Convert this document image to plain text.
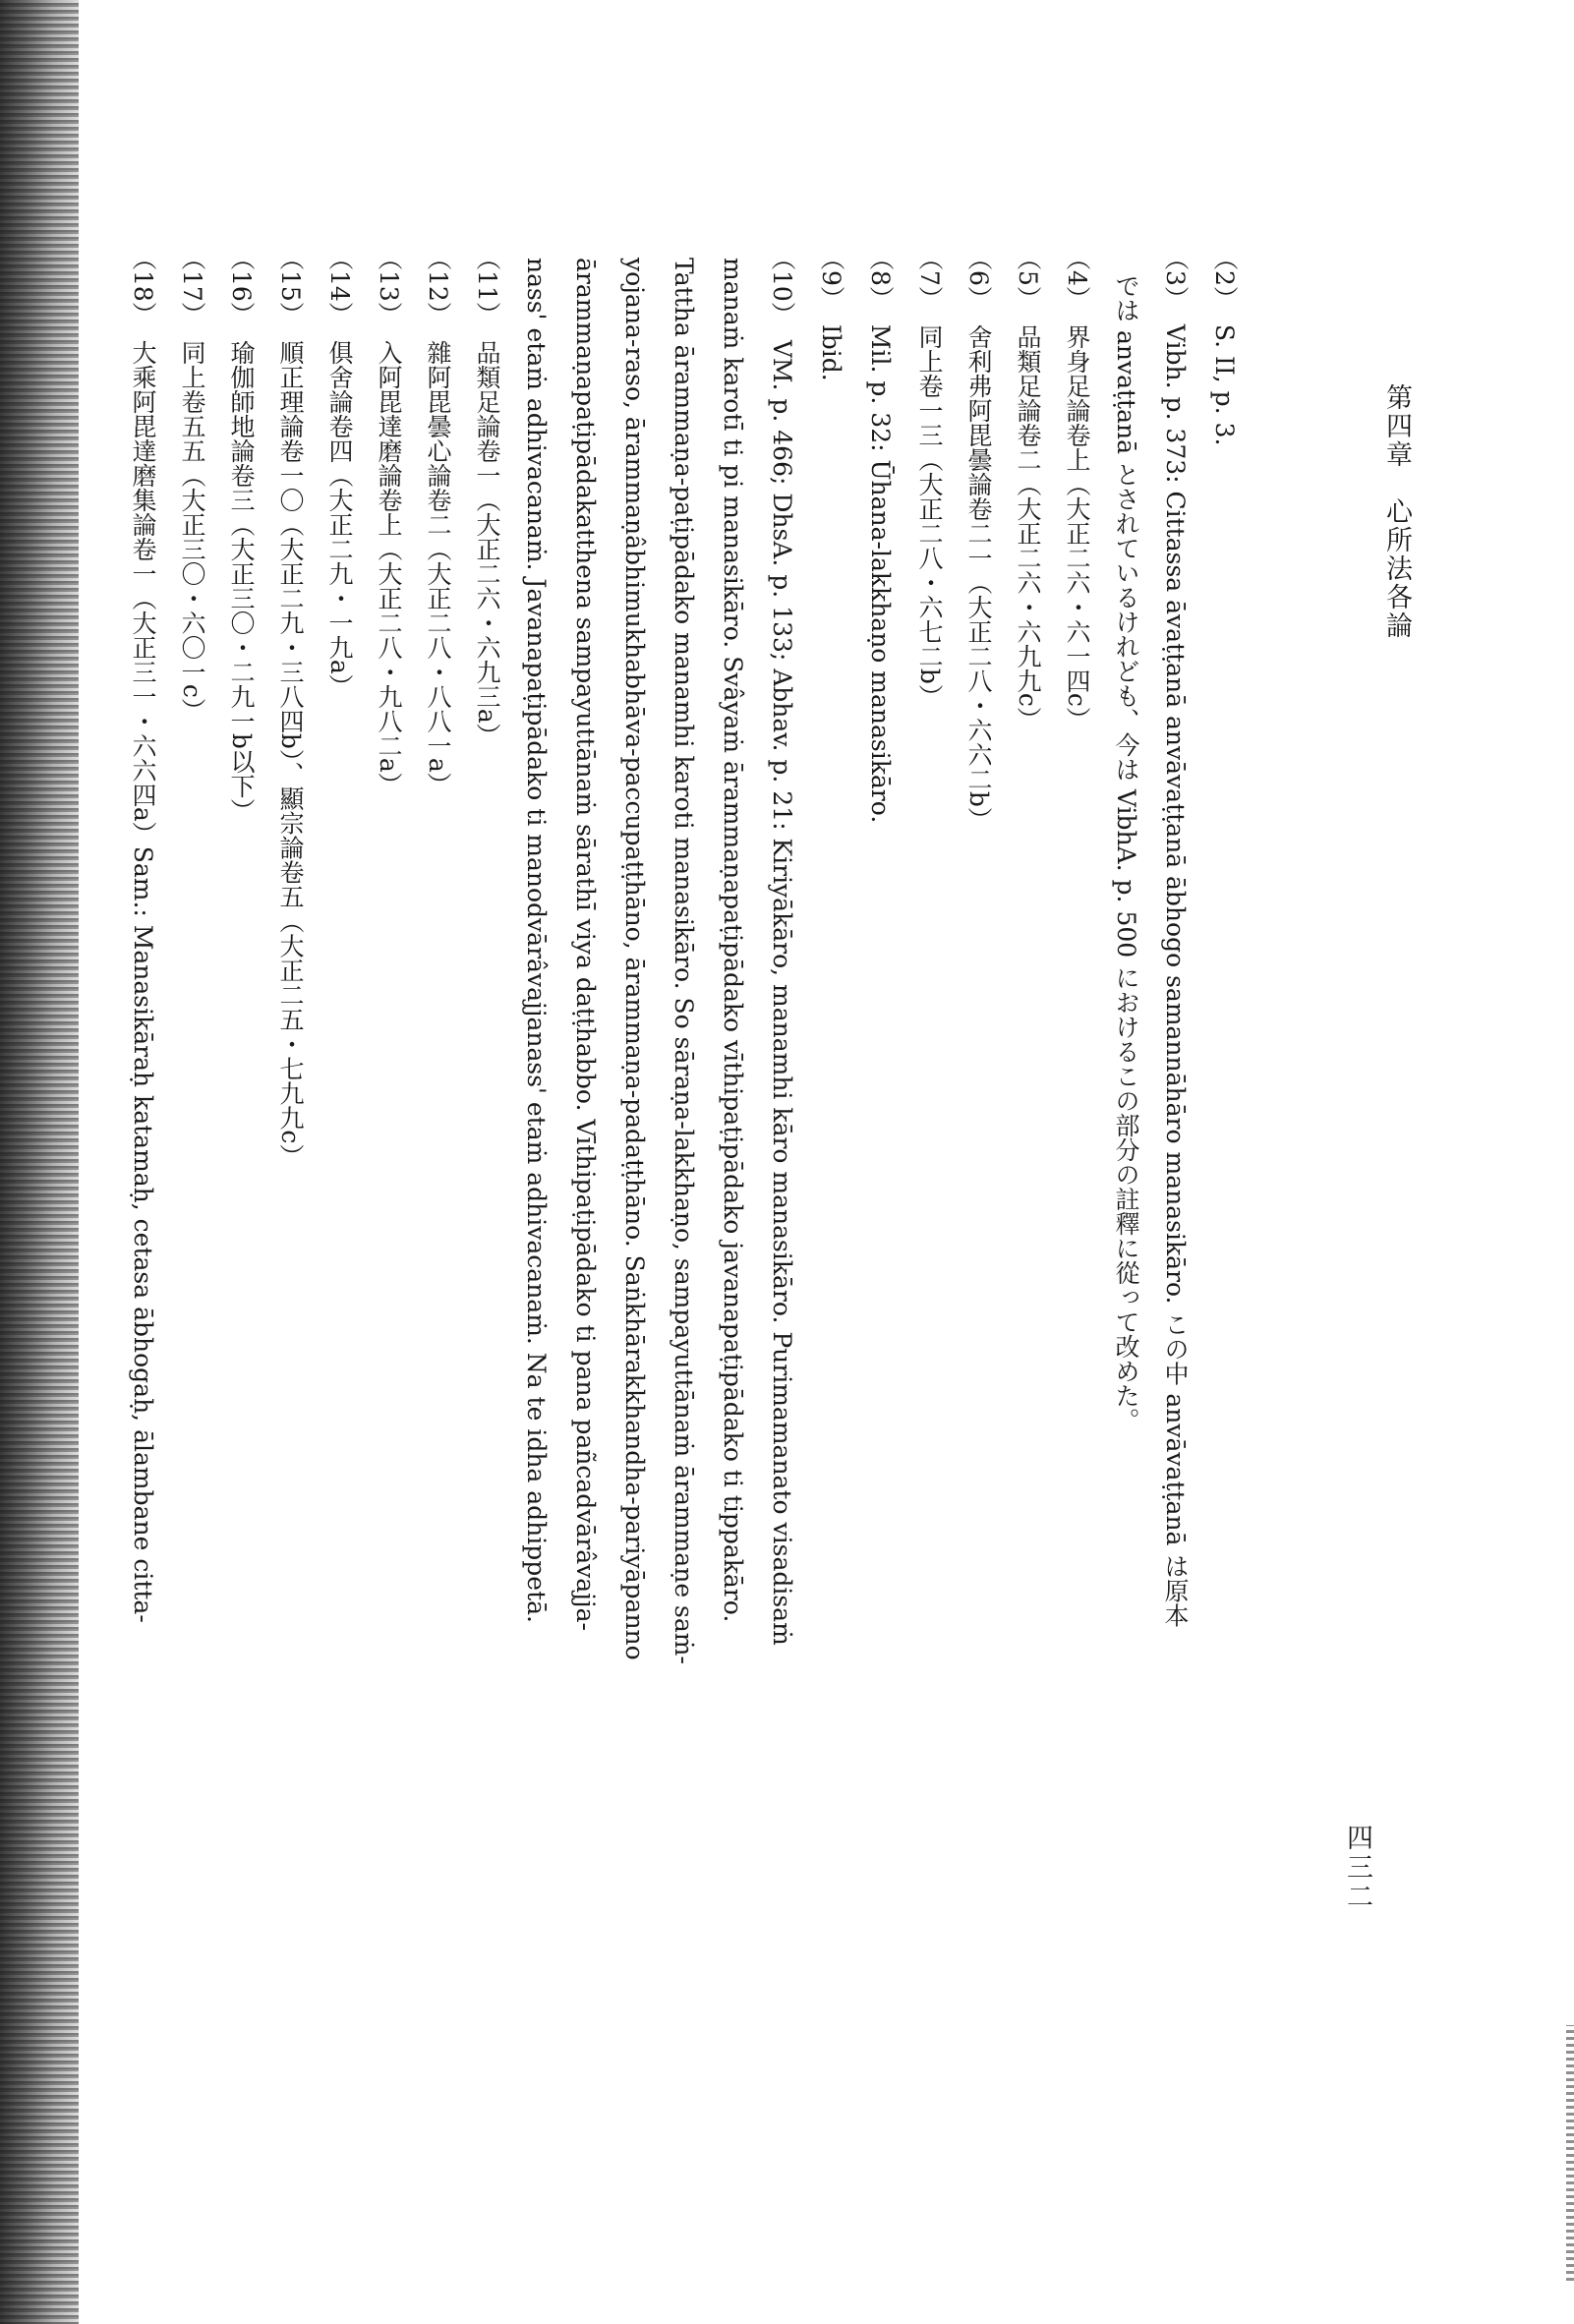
第四章　心所法各論
四三二

（2）S. II, p. 3.

（3）Vibh. p. 373: Cittassa āvaṭṭanā anvāvaṭṭanā ābhogo samannāhāro manasikāro. この中 anvāvaṭṭanā は原本

では anvaṭṭanā とされているけれども、今は VibhA. p. 500 におけるこの部分の註釋に從って改めた。

（4）界身足論卷上（大正二六・六一四c）

（5）品類足論卷二（大正二六・六九九c）

（6）舍利弗阿毘曇論卷二一（大正二八・六六二b）

（7）同上卷一三（大正二八・六七二b）

（8）Mil. p. 32: Ūhana-lakkhaṇo manasikāro.

（9）Ibid.

（10）VM. p. 466; DhsA. p. 133; Abhav. p. 21: Kiriyākāro, manamhi kāro manasikāro. Purimamanato visadisaṁ

manaṁ karotī ti pi manasikāro. Svâyaṁ ārammaṇapaṭipādako vīthipaṭipādako javanapaṭipādako ti tippakāro.

Tattha ārammaṇa-paṭipādako manamhi karoti manasikāro. So sāraṇa-lakkhaṇo, sampayuttānaṁ ārammaṇe saṁ-

yojana-raso, ārammaṇâbhimukhabhāva-paccupaṭṭhāno, ārammaṇa-padaṭṭhāno. Saṅkhārakkhandha-pariyāpanno

ārammaṇapaṭipādakatthena sampayuttānaṁ sārathī viya daṭṭhabbo. Vīthipaṭipādako ti pana pañcadvārâvajja-

nass' etaṁ adhivacanaṁ. Javanapaṭipādako ti manodvārâvajjanass' etaṁ adhivacanaṁ. Na te idha adhippetā.

（11）品類足論卷一（大正二六・六九三a）

（12）雜阿毘曇心論卷二（大正二八・八八一a）

（13）入阿毘達磨論卷上（大正二八・九八二a）

（14）俱舍論卷四（大正二九・一九a）

（15）順正理論卷一〇（大正二九・三八四b）、顯宗論卷五（大正二五・七九九c）

（16）瑜伽師地論卷三（大正三〇・二九一b以下）

（17）同上卷五五（大正三〇・六〇一c）

（18）大乘阿毘達磨集論卷一（大正三一・六六四a）Sam.: Manasikāraḥ katamaḥ, cetasa ābhogaḥ, ālambane citta-
